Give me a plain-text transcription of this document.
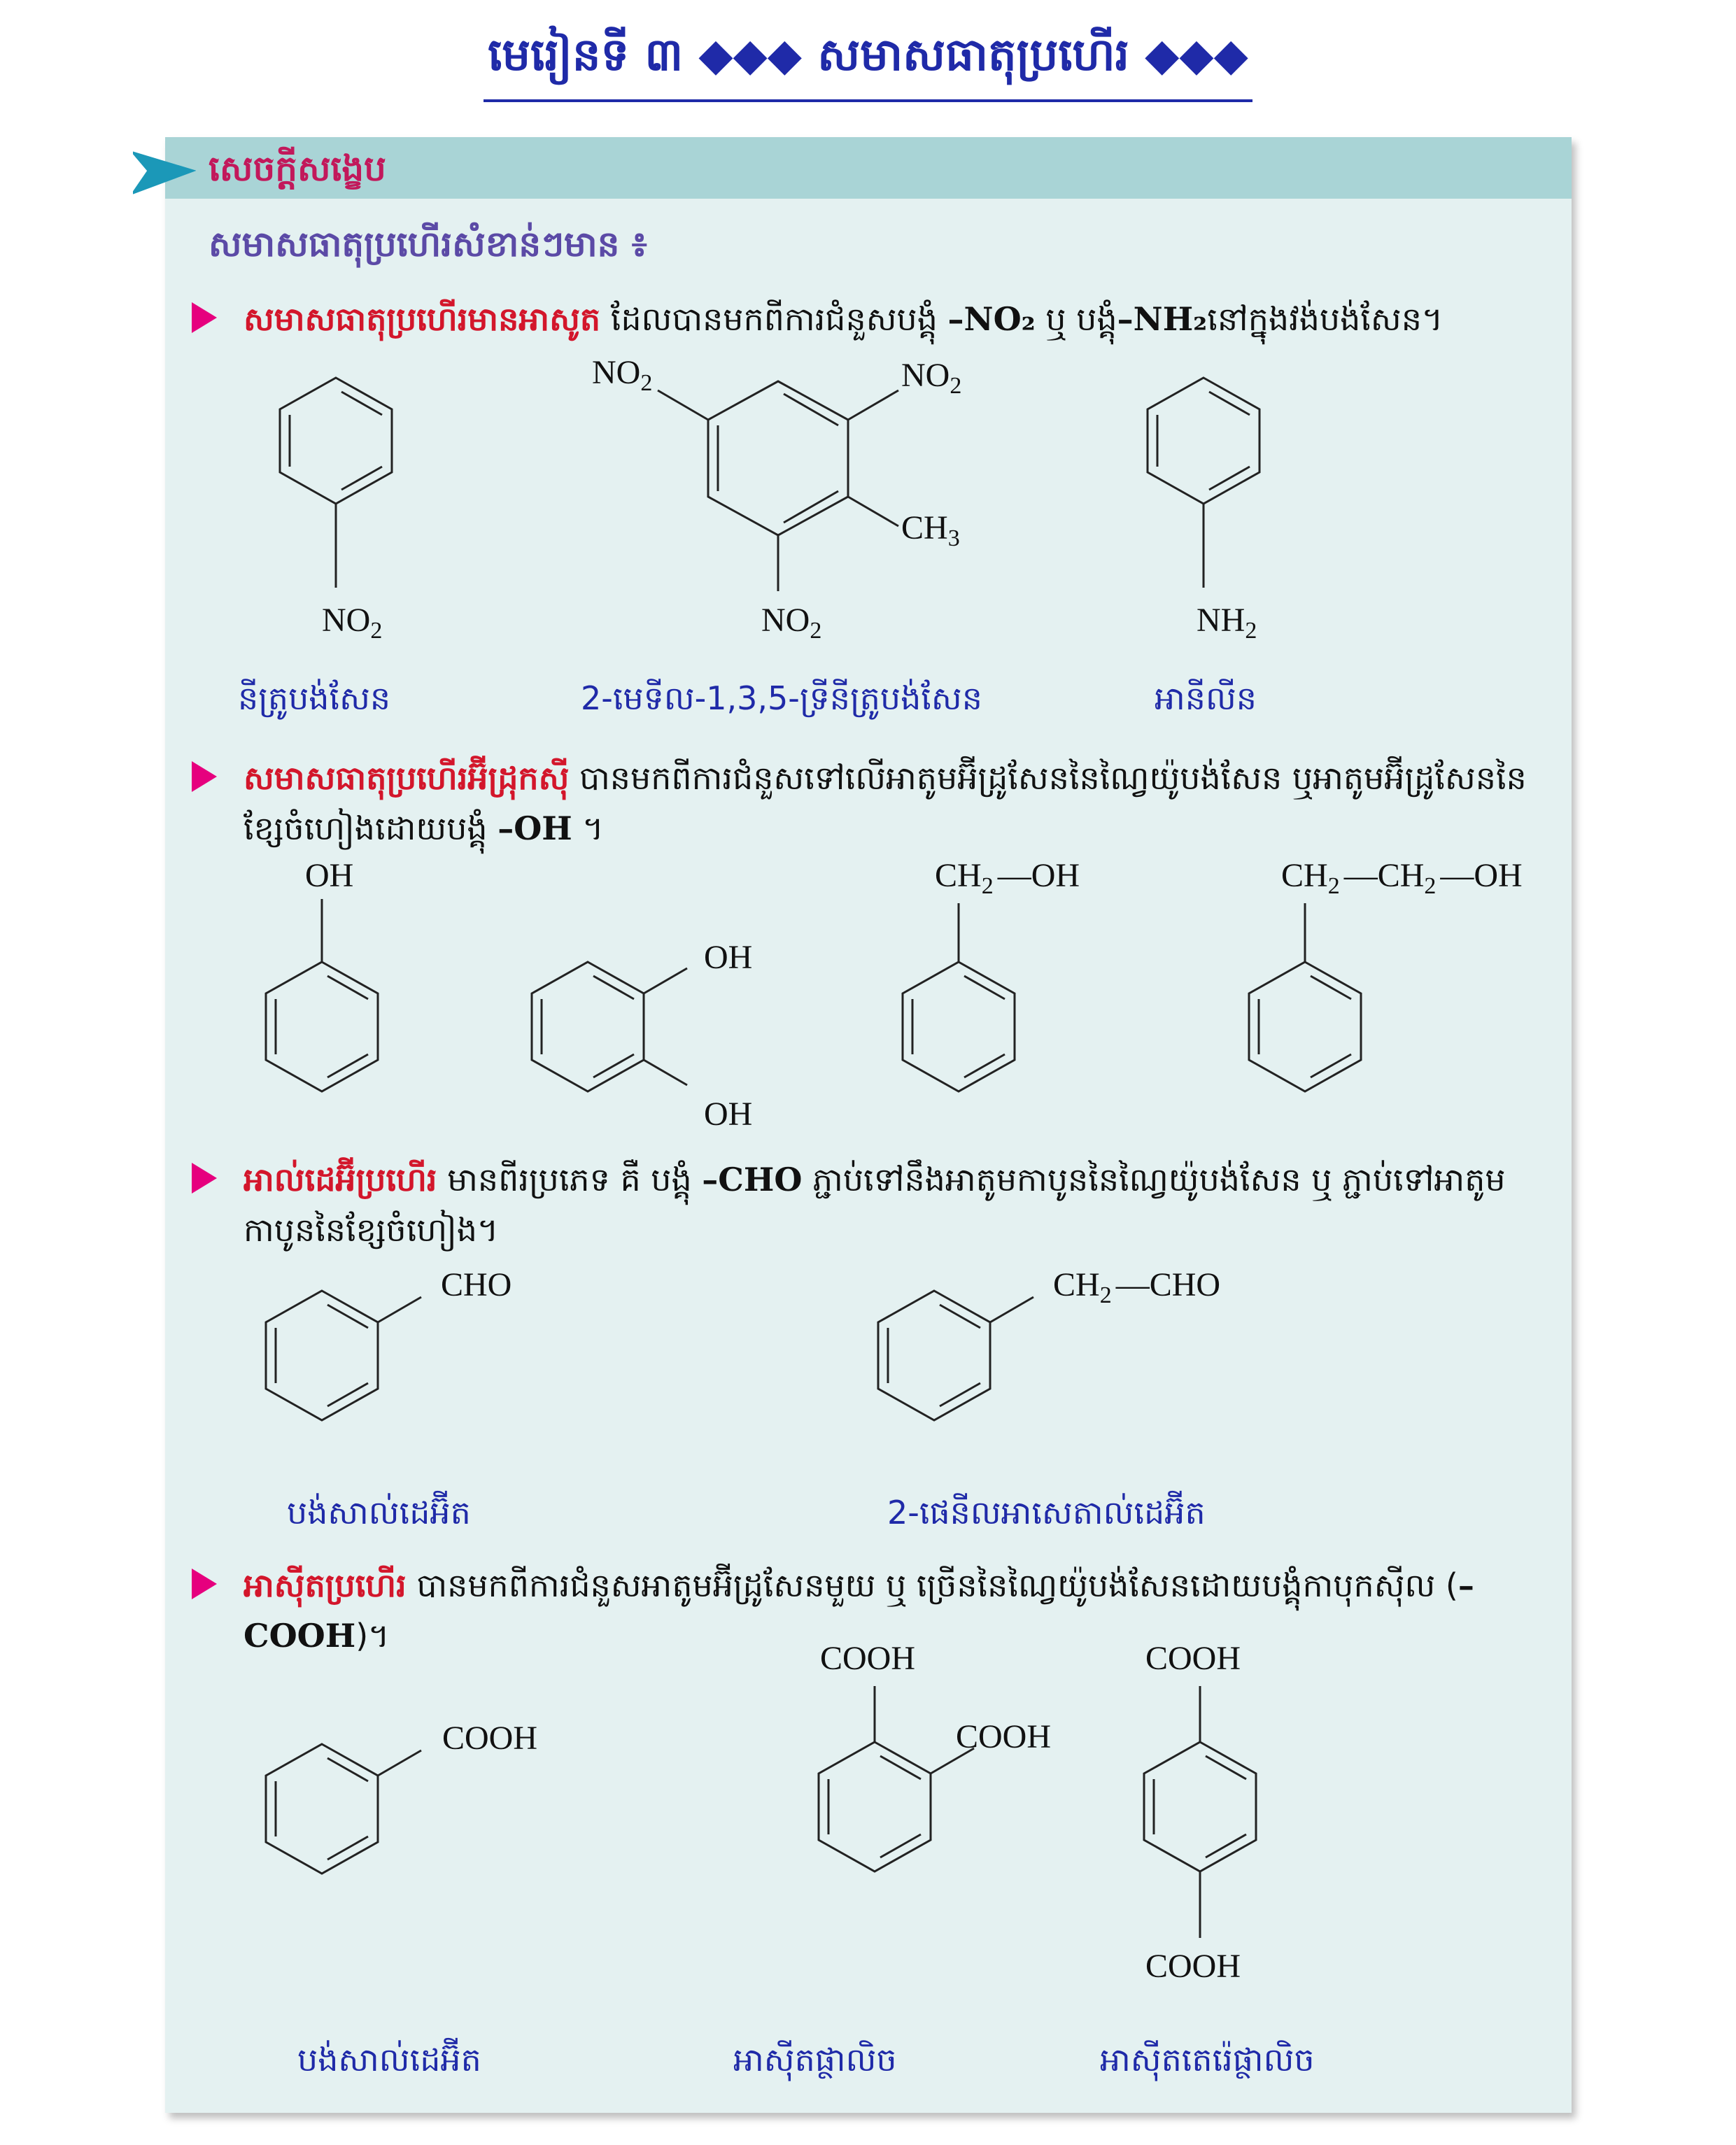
មេរៀនទី ៣ ◆◆◆ សមាសធាតុប្រហើរ ◆◆◆
សេចក្ដីសង្ខេប
សមាសធាតុប្រហើរសំខាន់ៗមាន ៖
សមាសធាតុប្រហើរមានអាសូត ដែលបានមកពីការជំនួសបង្គុំ –NO₂ ឬ បង្គុំ–NH₂នៅក្នុងវង់បង់សែន។
$NO_2$
$NO_2$	$NO_2$
$CH_3$
$NO_2$	$NH_2$
នីត្រូបង់សែន	2-មេទីល-1,3,5-ទ្រីនីត្រូបង់សែន	អានីលីន
សមាសធាតុប្រហើរអ៊ីដ្រុកស៊ី បានមកពីការជំនួសទៅលើអាតូមអ៊ីដ្រូសែននៃណ្វៃយ៉ូបង់សែន ឬអាតូមអ៊ីដ្រូសែននៃខ្សែចំហៀងដោយបង្គុំ –OH ។
OH
OH
OH
$CH_2$ —OH	$CH_2$ $—CH_2$ —OH
អាល់ដេអ៊ីប្រហើរ មានពីរប្រភេទ គឺ បង្គុំ –CHO ភ្ជាប់ទៅនឹងអាតូមកាបូននៃណ្វៃយ៉ូបង់សែន ឬ ភ្ជាប់ទៅអាតូមកាបូននៃខ្សែចំហៀង។
CHO	$CH_2$ —CHO
បង់សាល់ដេអ៊ីត	2-ផេនីលអាសេតាល់ដេអ៊ីត
អាស៊ីតប្រហើរ បានមកពីការជំនួសអាតូមអ៊ីដ្រូសែនមួយ ឬ ច្រើននៃណ្វៃយ៉ូបង់សែនដោយបង្គុំកាបុកស៊ីល (–COOH)។
COOH
COOH
COOH
COOH
COOH
បង់សាល់ដេអ៊ីត	អាស៊ីតផ្ថាលិច	អាស៊ីតតេរ៉េផ្ថាលិច
